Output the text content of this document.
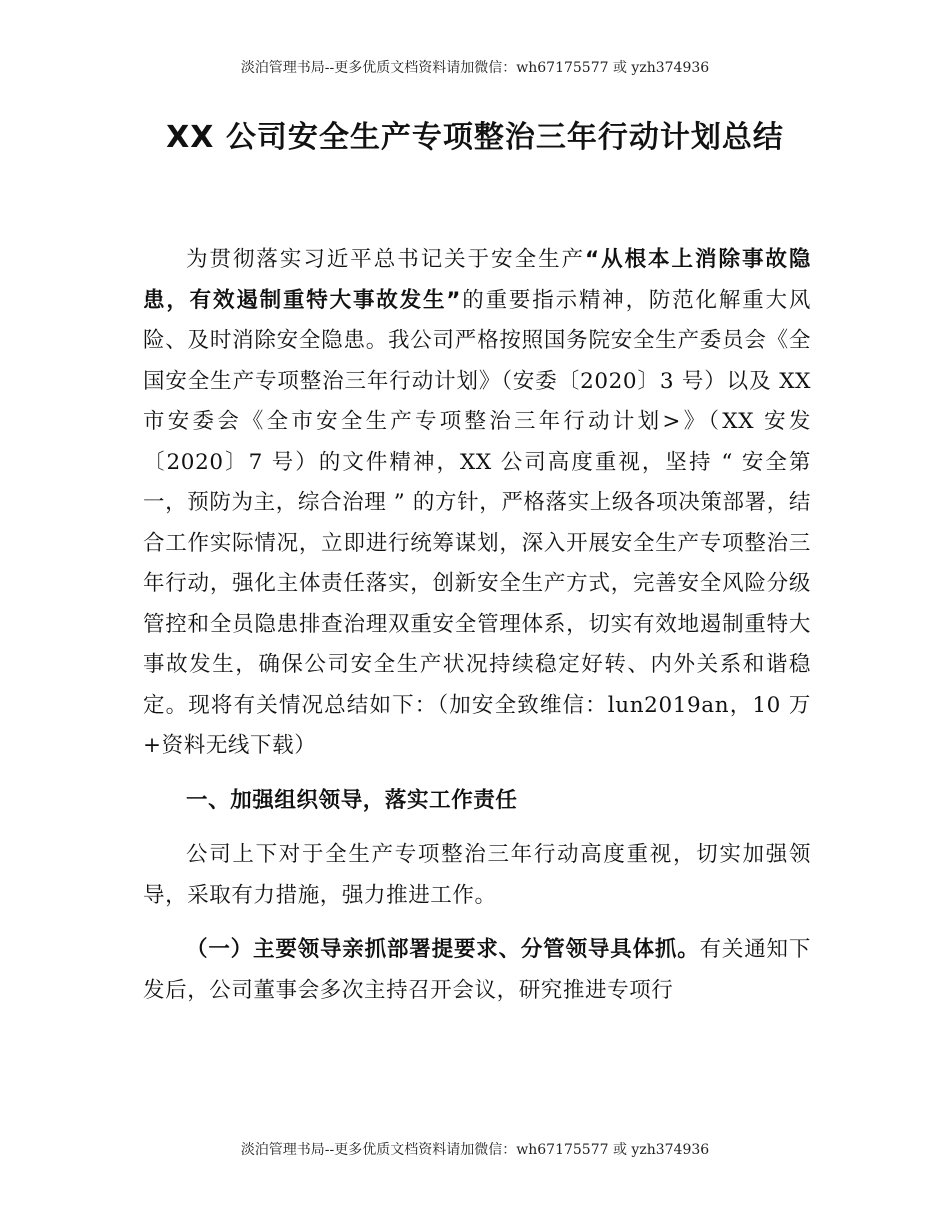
淡泊管理书局--更多优质文档资料请加微信：wh67175577 或 yzh374936
XX 公司安全生产专项整治三年行动计划总结

为贯彻落实习近平总书记关于安全生产“从根本上消除事故隐患，有效遏制重特大事故发生”的重要指示精神，防范化解重大风险、及时消除安全隐患。我公司严格按照国务院安全生产委员会《全国安全生产专项整治三年行动计划》（安委〔2020〕3 号）以及 XX 市安委会《全市安全生产专项整治三年行动计划>》（XX 安发〔2020〕7 号）的文件精神，XX 公司高度重视，坚持 “ 安全第一，预防为主，综合治理 ” 的方针，严格落实上级各项决策部署，结合工作实际情况，立即进行统筹谋划，深入开展安全生产专项整治三年行动，强化主体责任落实，创新安全生产方式，完善安全风险分级管控和全员隐患排查治理双重安全管理体系，切实有效地遏制重特大事故发生，确保公司安全生产状况持续稳定好转、内外关系和谐稳定。现将有关情况总结如下：（加安全致维信：lun2019an，10 万+资料无线下载）

一、加强组织领导，落实工作责任

公司上下对于全生产专项整治三年行动高度重视，切实加强领导，采取有力措施，强力推进工作。

（一）主要领导亲抓部署提要求、分管领导具体抓。有关通知下发后，公司董事会多次主持召开会议，研究推进专项行

淡泊管理书局--更多优质文档资料请加微信：wh67175577 或 yzh374936
